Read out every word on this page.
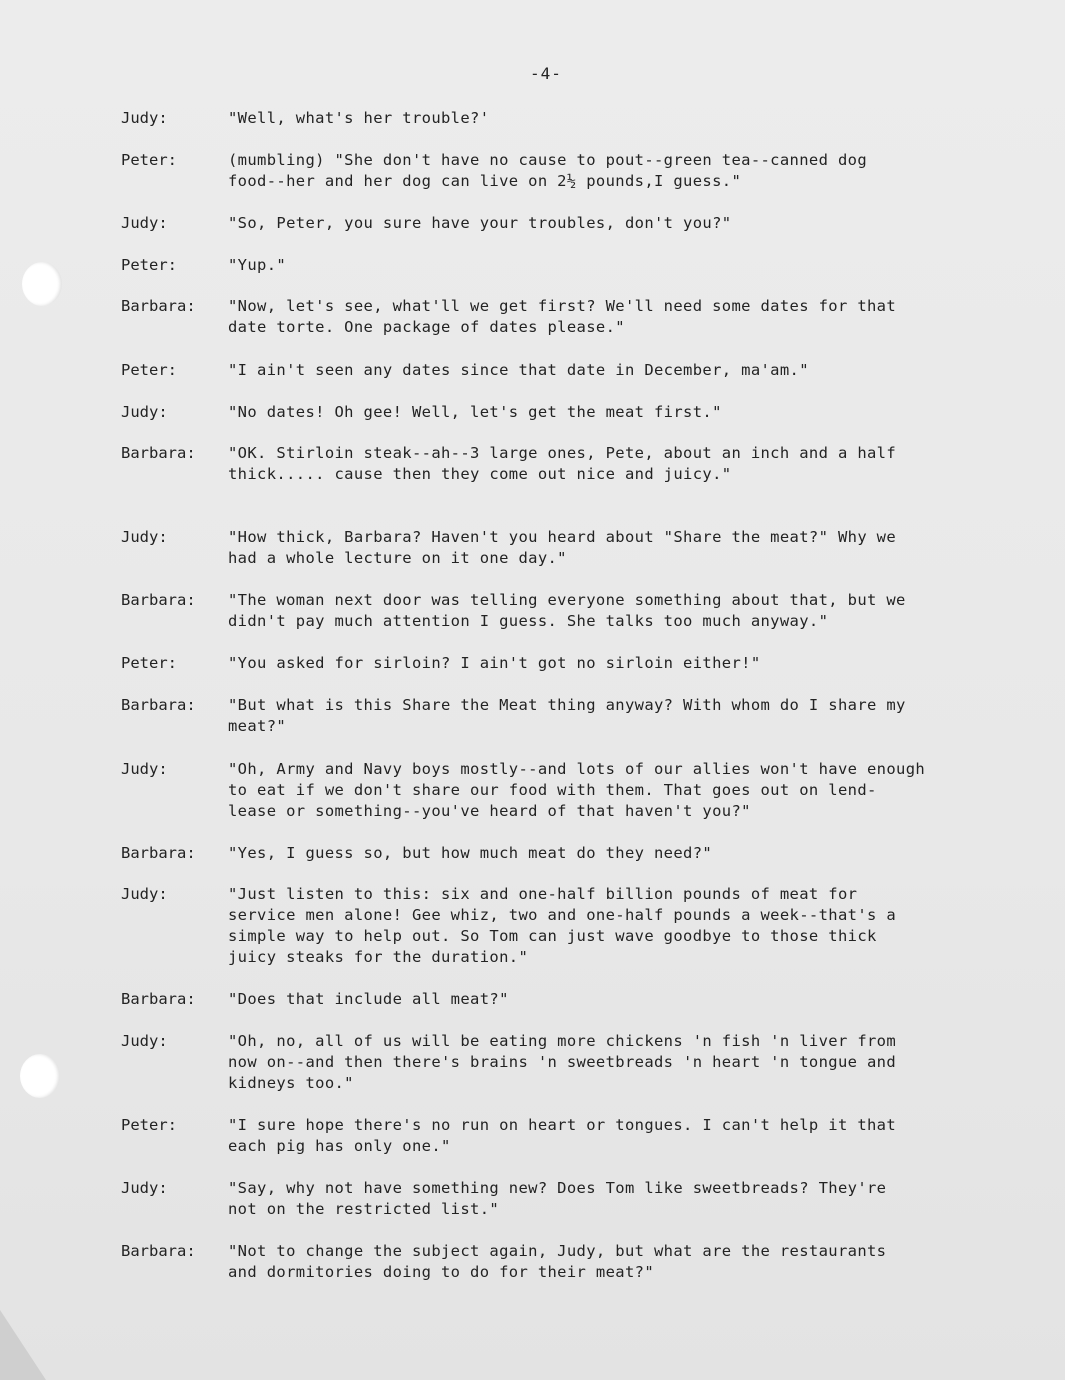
-4-
Judy:	"Well, what's her trouble?'
Peter:	(mumbling) "She don't have no cause to pout--green tea--canned dog
food--her and her dog can live on 2½ pounds,I guess."
Judy:	"So, Peter, you sure have your troubles, don't you?"
Peter:	"Yup."
Barbara: "Now, let's see, what'll we get first? We'll need some dates for that
date torte. One package of dates please."
Peter:	"I ain't seen any dates since that date in December, ma'am."
Judy:	"No dates! Oh gee! Well, let's get the meat first."
Barbara: "OK. Stirloin steak--ah--3 large ones, Pete, about an inch and a half
thick..... cause then they come out nice and juicy."
Judy:	"How thick, Barbara? Haven't you heard about "Share the meat?" Why we
had a whole lecture on it one day."
Barbara: "The woman next door was telling everyone something about that, but we
didn't pay much attention I guess. She talks too much anyway."
Peter:	"You asked for sirloin? I ain't got no sirloin either!"
Barbara: "But what is this Share the Meat thing anyway? With whom do I share my
meat?"
Judy:	"Oh, Army and Navy boys mostly--and lots of our allies won't have enough
to eat if we don't share our food with them. That goes out on lend-
lease or something--you've heard of that haven't you?"
Barbara: "Yes, I guess so, but how much meat do they need?"
Judy:	"Just listen to this: six and one-half billion pounds of meat for
service men alone! Gee whiz, two and one-half pounds a week--that's a
simple way to help out. So Tom can just wave goodbye to those thick
juicy steaks for the duration."
Barbara: "Does that include all meat?"
Judy:	"Oh, no, all of us will be eating more chickens 'n fish 'n liver from
now on--and then there's brains 'n sweetbreads 'n heart 'n tongue and
kidneys too."
Peter:	"I sure hope there's no run on heart or tongues. I can't help it that
each pig has only one."
Judy:	"Say, why not have something new? Does Tom like sweetbreads? They're
not on the restricted list."
Barbara: "Not to change the subject again, Judy, but what are the restaurants
and dormitories doing to do for their meat?"
